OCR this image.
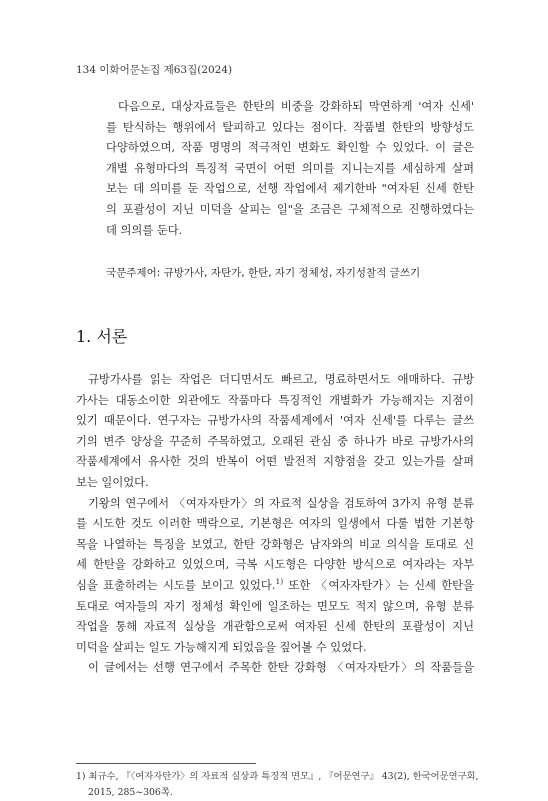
134 이화어문논집 제63집(2024)

다음으로, 대상자료들은 한탄의 비중을 강화하되 막연하게 '여자 신세'
를 탄식하는 행위에서 탈피하고 있다는 점이다. 작품별 한탄의 방향성도
다양하였으며, 작품 명명의 적극적인 변화도 확인할 수 있었다. 이 글은
개별 유형마다의 특징적 국면이 어떤 의미를 지니는지를 세심하게 살펴
보는 데 의미를 둔 작업으로, 선행 작업에서 제기한바 "여자된 신세 한탄
의 포괄성이 지닌 미덕을 살피는 일"을 조금은 구체적으로 진행하였다는
데 의의를 둔다.

국문주제어: 규방가사, 자탄가, 한탄, 자기 정체성, 자기성찰적 글쓰기
1. 서론

규방가사를 읽는 작업은 더디면서도 빠르고, 명료하면서도 애매하다. 규방
가사는 대동소이한 외관에도 작품마다 특징적인 개별화가 가능해지는 지점이
있기 때문이다. 연구자는 규방가사의 작품세계에서 '여자 신세'를 다루는 글쓰
기의 변주 양상을 꾸준히 주목하였고, 오래된 관심 중 하나가 바로 규방가사의
작품세계에서 유사한 것의 반복이 어떤 발전적 지향점을 갖고 있는가를 살펴
보는 일이었다.

기왕의 연구에서 〈여자자탄가〉의 자료적 실상을 검토하여 3가지 유형 분류
를 시도한 것도 이러한 맥락으로, 기본형은 여자의 일생에서 다룰 법한 기본항
목을 나열하는 특징을 보였고, 한탄 강화형은 남자와의 비교 의식을 토대로 신
세 한탄을 강화하고 있었으며, 극복 시도형은 다양한 방식으로 여자라는 자부
심을 표출하려는 시도를 보이고 있었다.$^{1)}$ 또한 〈여자자탄가〉는 신세 한탄을
토대로 여자들의 자기 정체성 확인에 일조하는 면모도 적지 않으며, 유형 분류
작업을 통해 자료적 실상을 개관함으로써 여자된 신세 한탄의 포괄성이 지닌
미덕을 살피는 일도 가능해지게 되었음을 짚어볼 수 있었다.

이 글에서는 선행 연구에서 주목한 한탄 강화형 〈여자자탄가〉의 작품들을

1) 최규수, 『〈여자자탄가〉의 자료적 실상과 특징적 면모』, 『어문연구』 43(2), 한국어문연구회,
2015, 285~306쪽.
